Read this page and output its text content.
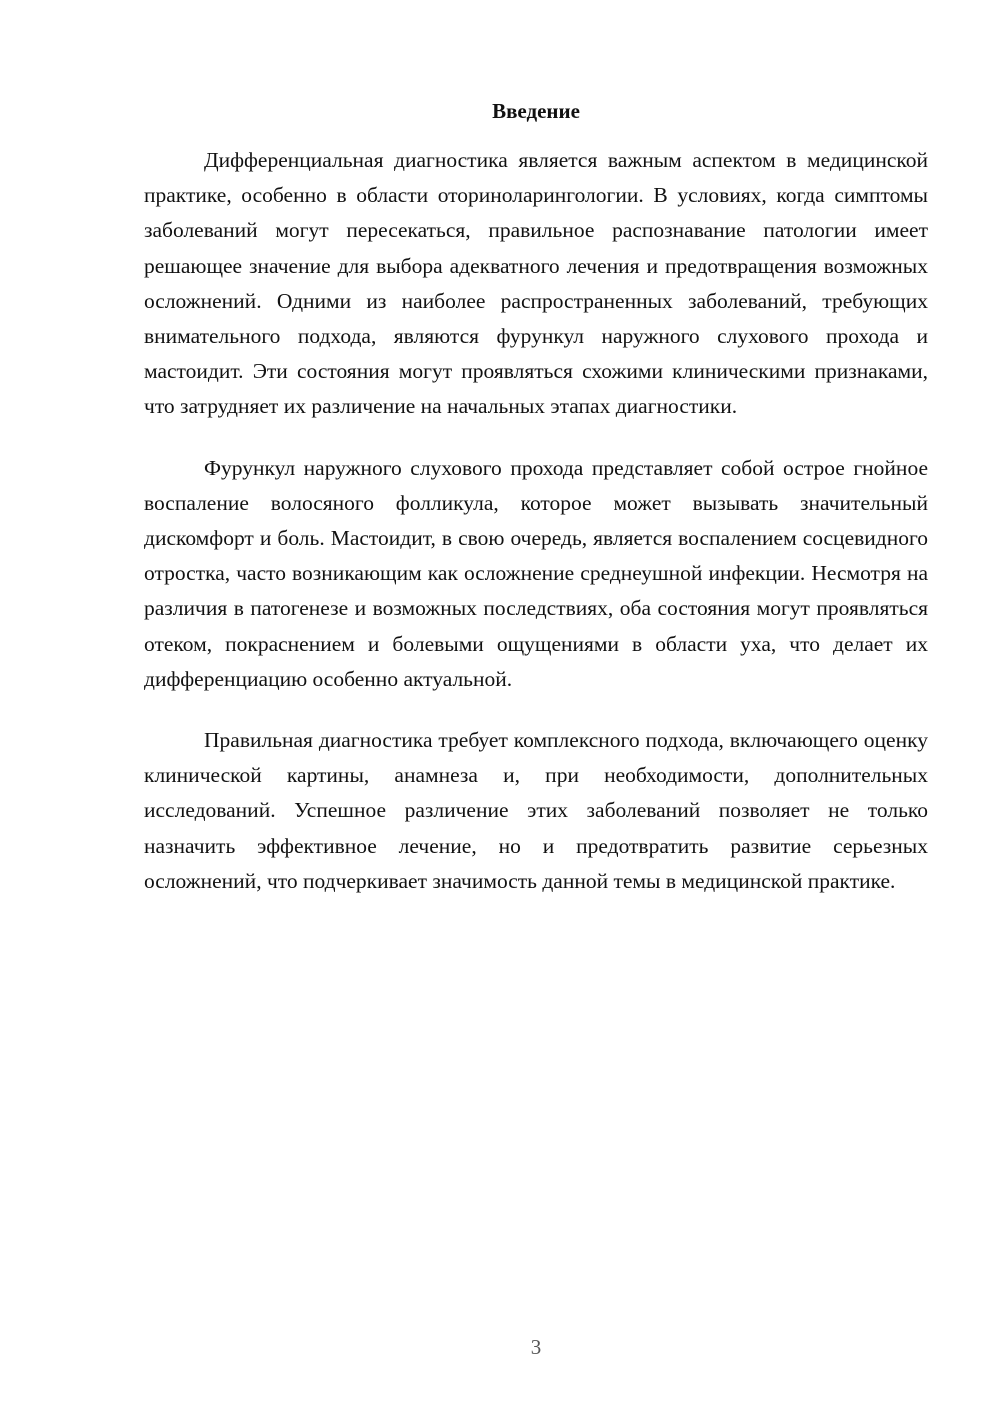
Введение

Дифференциальная диагностика является важным аспектом в медицинской практике, особенно в области оториноларингологии. В условиях, когда симптомы заболеваний могут пересекаться, правильное распознавание патологии имеет решающее значение для выбора адекватного лечения и предотвращения возможных осложнений. Одними из наиболее распространенных заболеваний, требующих внимательного подхода, являются фурункул наружного слухового прохода и мастоидит. Эти состояния могут проявляться схожими клиническими признаками, что затрудняет их различение на начальных этапах диагностики.

Фурункул наружного слухового прохода представляет собой острое гнойное воспаление волосяного фолликула, которое может вызывать значительный дискомфорт и боль. Мастоидит, в свою очередь, является воспалением сосцевидного отростка, часто возникающим как осложнение среднеушной инфекции. Несмотря на различия в патогенезе и возможных последствиях, оба состояния могут проявляться отеком, покраснением и болевыми ощущениями в области уха, что делает их дифференциацию особенно актуальной.

Правильная диагностика требует комплексного подхода, включающего оценку клинической картины, анамнеза и, при необходимости, дополнительных исследований. Успешное различение этих заболеваний позволяет не только назначить эффективное лечение, но и предотвратить развитие серьезных осложнений, что подчеркивает значимость данной темы в медицинской практике.

3
